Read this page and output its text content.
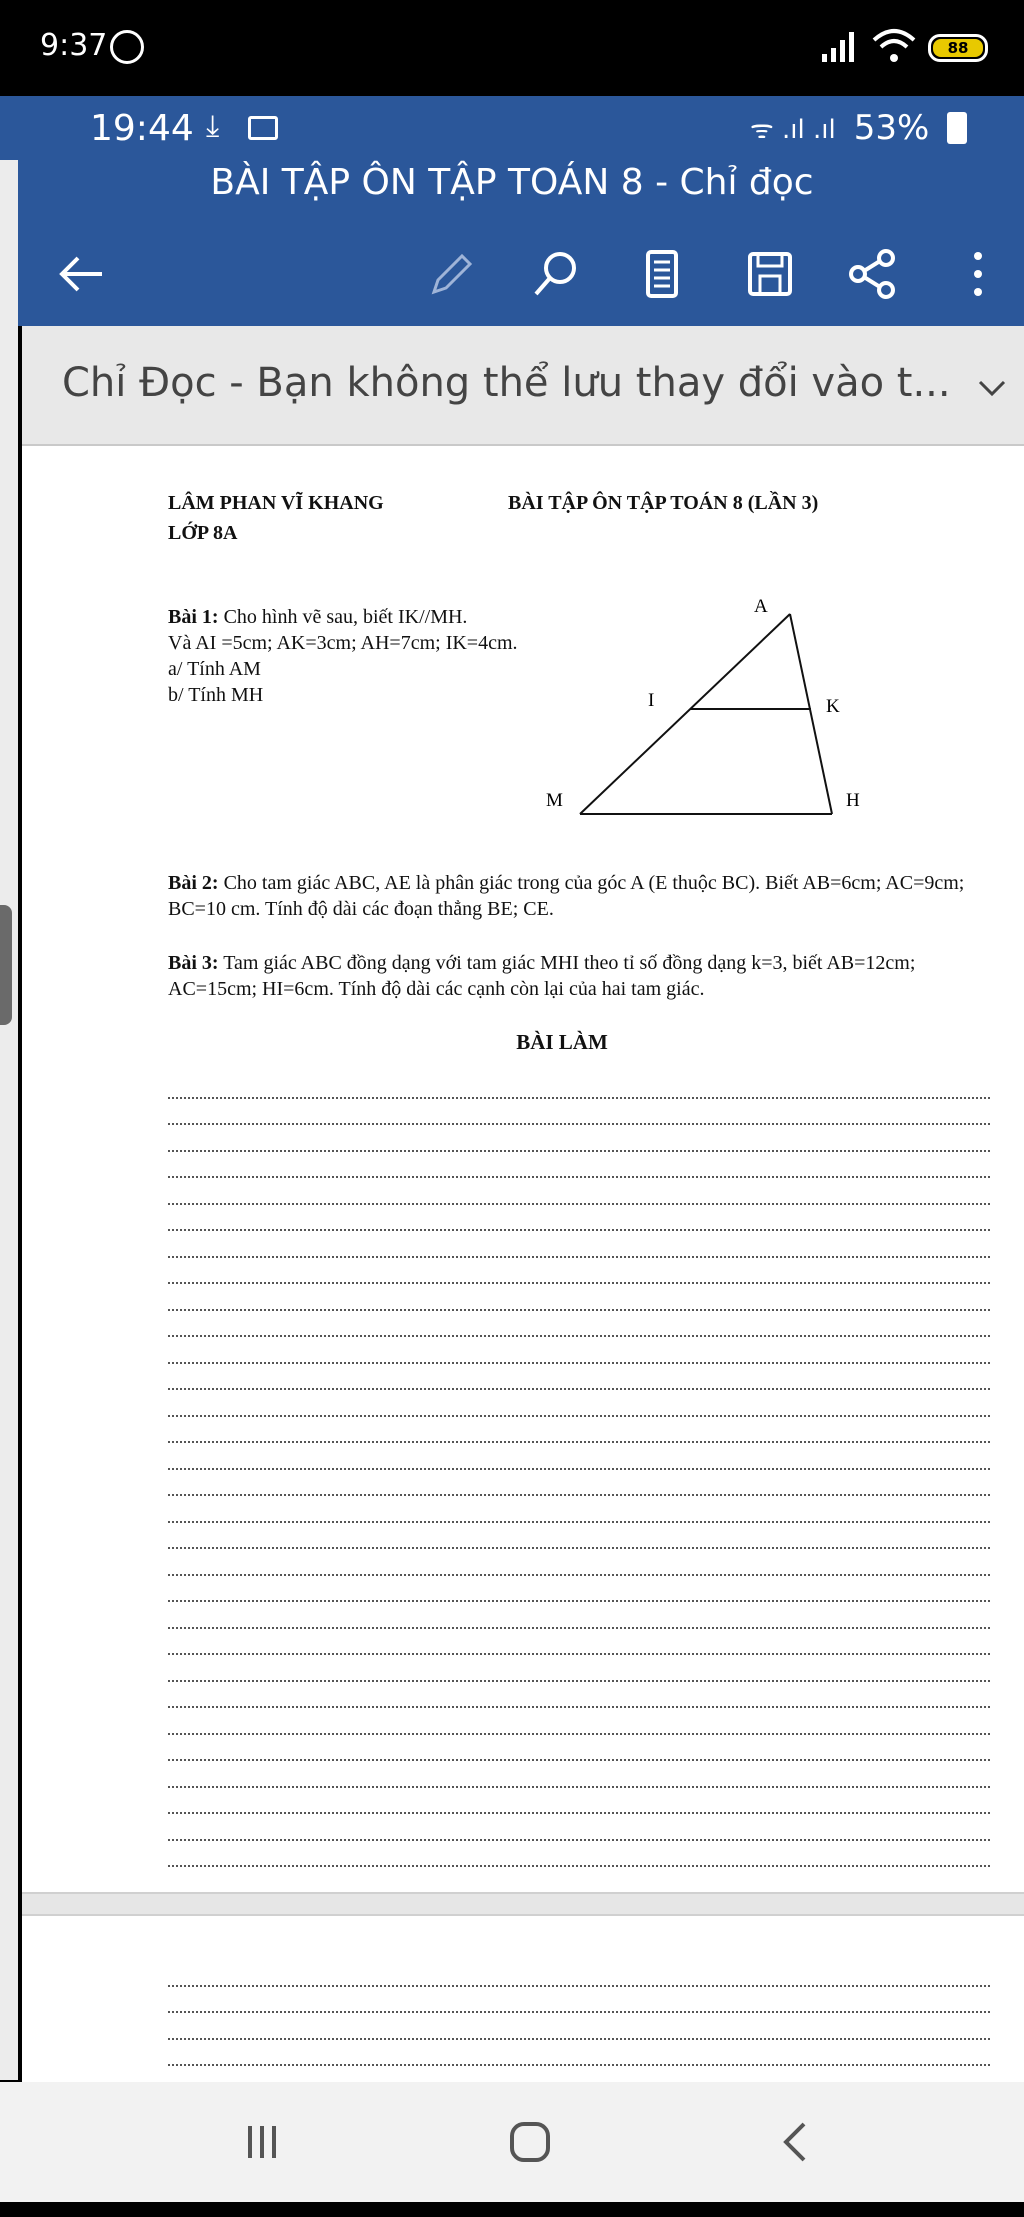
9:37	88
19:44 ⤓	ᯤ .ıl .ıl 53%
BÀI TẬP ÔN TẬP TOÁN 8 - Chỉ đọc
Chỉ Đọc - Bạn không thể lưu thay đổi vào t...
LÂM PHAN VĨ KHANG
LỚP 8A
BÀI TẬP ÔN TẬP TOÁN 8 (LẦN 3)
Bài 1: Cho hình vẽ sau, biết IK//MH.
Và AI =5cm; AK=3cm; AH=7cm; IK=4cm.
a/ Tính AM
b/ Tính MH
A
I	K
M	H
Bài 2: Cho tam giác ABC, AE là phân giác trong của góc A (E thuộc BC). Biết AB=6cm; AC=9cm; BC=10 cm. Tính độ dài các đoạn thẳng BE; CE.
Bài 3: Tam giác ABC đồng dạng với tam giác MHI theo tỉ số đồng dạng k=3, biết AB=12cm; AC=15cm; HI=6cm. Tính độ dài các cạnh còn lại của hai tam giác.
BÀI LÀM
